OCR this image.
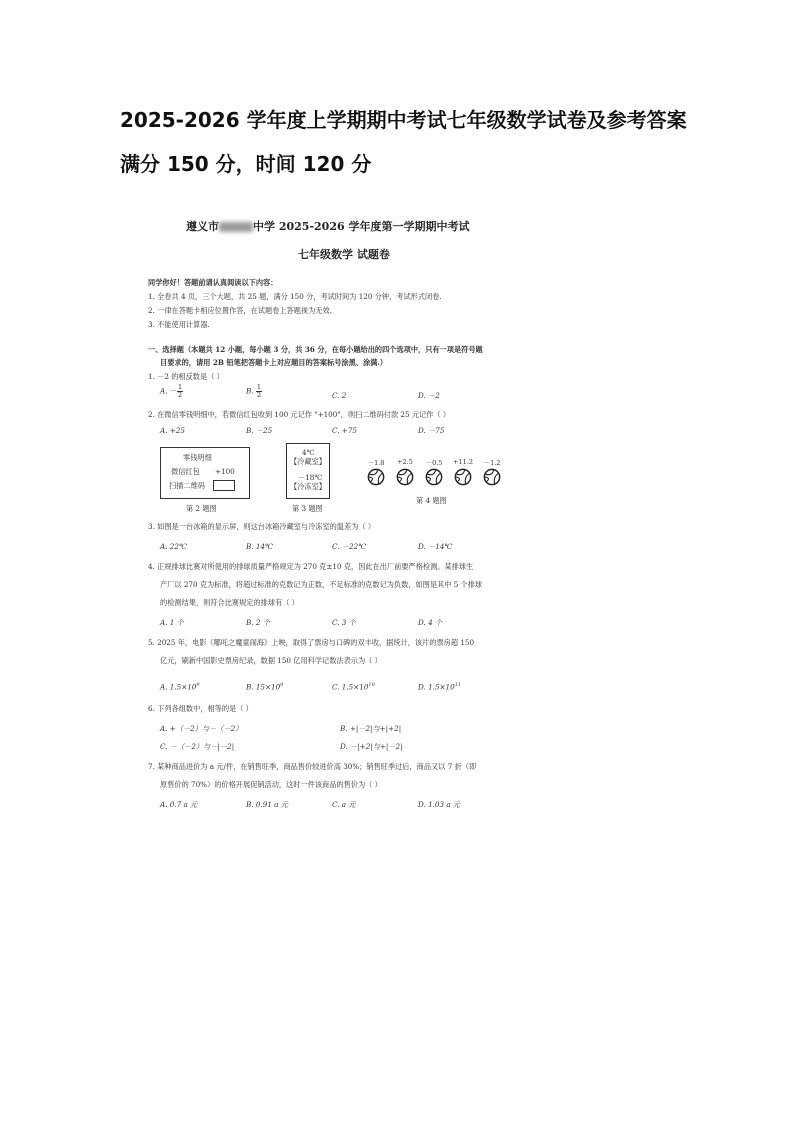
2025-2026 学年度上学期期中考试七年级数学试卷及参考答案 满分 150 分，时间 120 分
遵义市	中学 2025-2026 学年度第一学期期中考试
七年级数学 试题卷
同学你好！答题前请认真阅读以下内容：
1. 全卷共 4 页，三个大题，共 25 题，满分 150 分，考试时间为 120 分钟，考试形式闭卷.
2. 一律在答题卡相应位置作答，在试题卷上答题视为无效.
3. 不能使用计算器.
一、选择题（本题共 12 小题，每小题 3 分，共 36 分，在每小题给出的四个选项中，只有一项是符号题
目要求的，请用 2B 铅笔把答题卡上对应题目的答案标号涂黑、涂满.）
1. －2 的相反数是（ ）
A. － $\frac{1}{2}$	B. $\frac{1}{2}$	C. 2	D. －2
2. 在微信零钱明细中，若微信红包收到 100 元记作 "+100"，则扫二维码付款 25 元记作（ ）
A. +25	B. －25	C. +75	D. －75
零钱明细
微信红包 +100
扫描二维码
第 2 题图
4℃
【冷藏室】
－18℃
【冷冻室】
第 3 题图
－1.8	+2.5	－0.5	+11.2	－1.2
第 4 题图
3. 如图是一台冰箱的显示屏，则这台冰箱冷藏室与冷冻室的温差为（ ）
A. 22℃	B. 14℃	C. －22℃	D. －14℃
4. 正规排球比赛对所使用的排球质量严格规定为 270 克±10 克，因此在出厂前要严格检测。某排球生
产厂以 270 克为标准，将超过标准的克数记为正数，不足标准的克数记为负数，如图是其中 5 个排球
的检测结果，则符合比赛规定的排球有（ ）
A. 1 个	B. 2 个	C. 3 个	D. 4 个
5. 2025 年，电影《哪吒之魔童闹海》上映，取得了票房与口碑的双丰收，据统计，该片的票房超 150
亿元，刷新中国影史票房纪录，数据 150 亿用科学记数法表示为（ ）
A. $1.5\times 10^9$	B. $15\times 10^9$	C. $1.5\times 10^{10}$	D. $1.5\times 10^{11}$
6. 下列各组数中，相等的是（ ）
A. +（－2）与－（－2）	B. +|－2|与+|+2|
C. －（－2）与－|－2|	D. －|+2|与+|－2|
7. 某种商品进价为 a 元/件，在销售旺季，商品售价较进价高 30%；销售旺季过后，商品又以 7 折（即
原售价的 70%）的价格开展促销活动，这时一件该商品的售价为（ ）
A. 0.7 a 元	B. 0.91 a 元	C. a 元	D. 1.03 a 元
